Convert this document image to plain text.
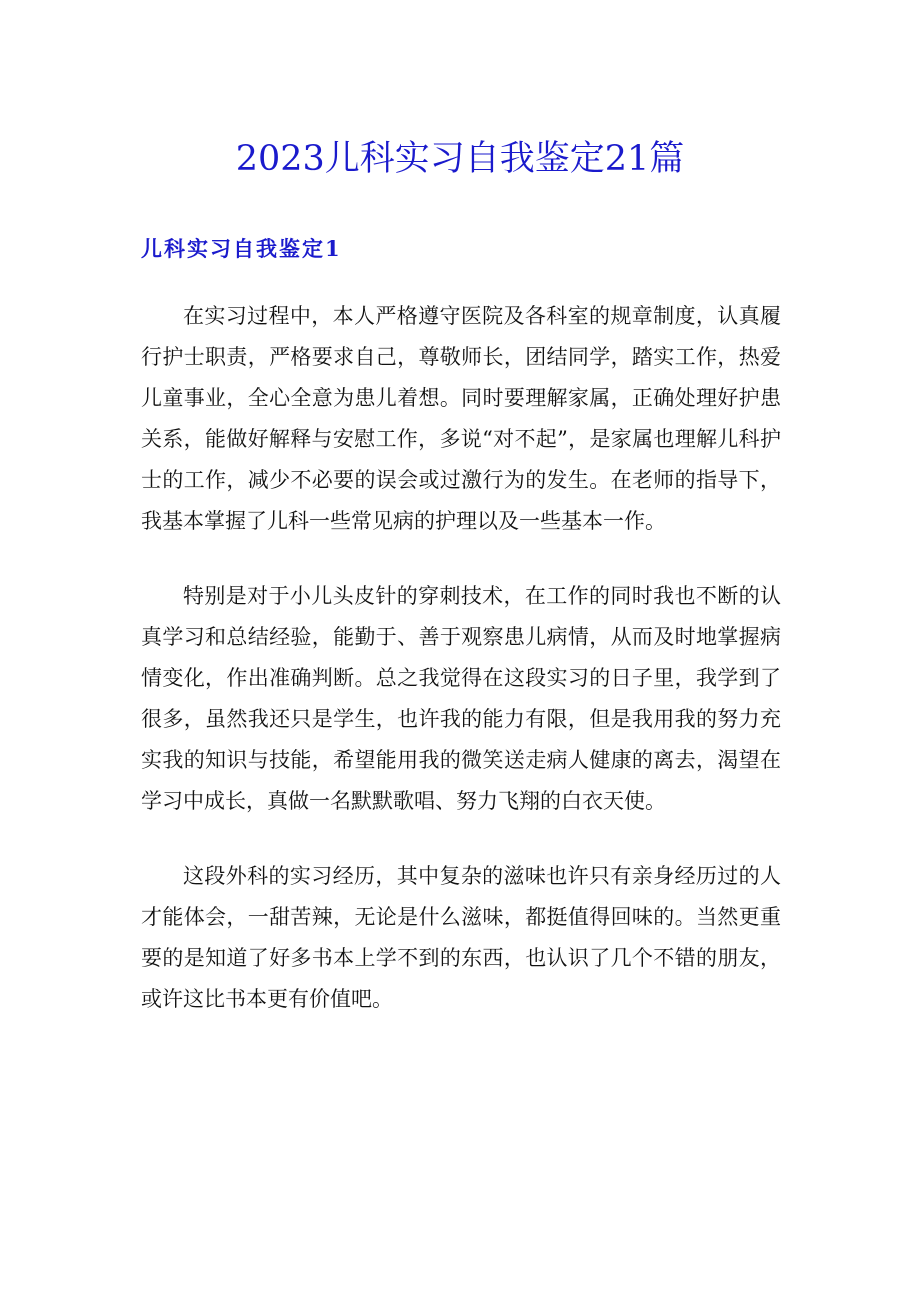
2023儿科实习自我鉴定21篇
儿科实习自我鉴定1

在实习过程中，本人严格遵守医院及各科室的规章制度，认真履行护士职责，严格要求自己，尊敬师长，团结同学，踏实工作，热爱儿童事业，全心全意为患儿着想。同时要理解家属，正确处理好护患关系，能做好解释与安慰工作，多说“对不起”，是家属也理解儿科护士的工作，减少不必要的误会或过激行为的发生。在老师的指导下，我基本掌握了儿科一些常见病的护理以及一些基本一作。

特别是对于小儿头皮针的穿刺技术，在工作的同时我也不断的认真学习和总结经验，能勤于、善于观察患儿病情，从而及时地掌握病情变化，作出准确判断。总之我觉得在这段实习的日子里，我学到了很多，虽然我还只是学生，也许我的能力有限，但是我用我的努力充实我的知识与技能，希望能用我的微笑送走病人健康的离去，渴望在学习中成长，真做一名默默歌唱、努力飞翔的白衣天使。

这段外科的实习经历，其中复杂的滋味也许只有亲身经历过的人才能体会，一甜苦辣，无论是什么滋味，都挺值得回味的。当然更重要的是知道了好多书本上学不到的东西，也认识了几个不错的朋友，或许这比书本更有价值吧。
